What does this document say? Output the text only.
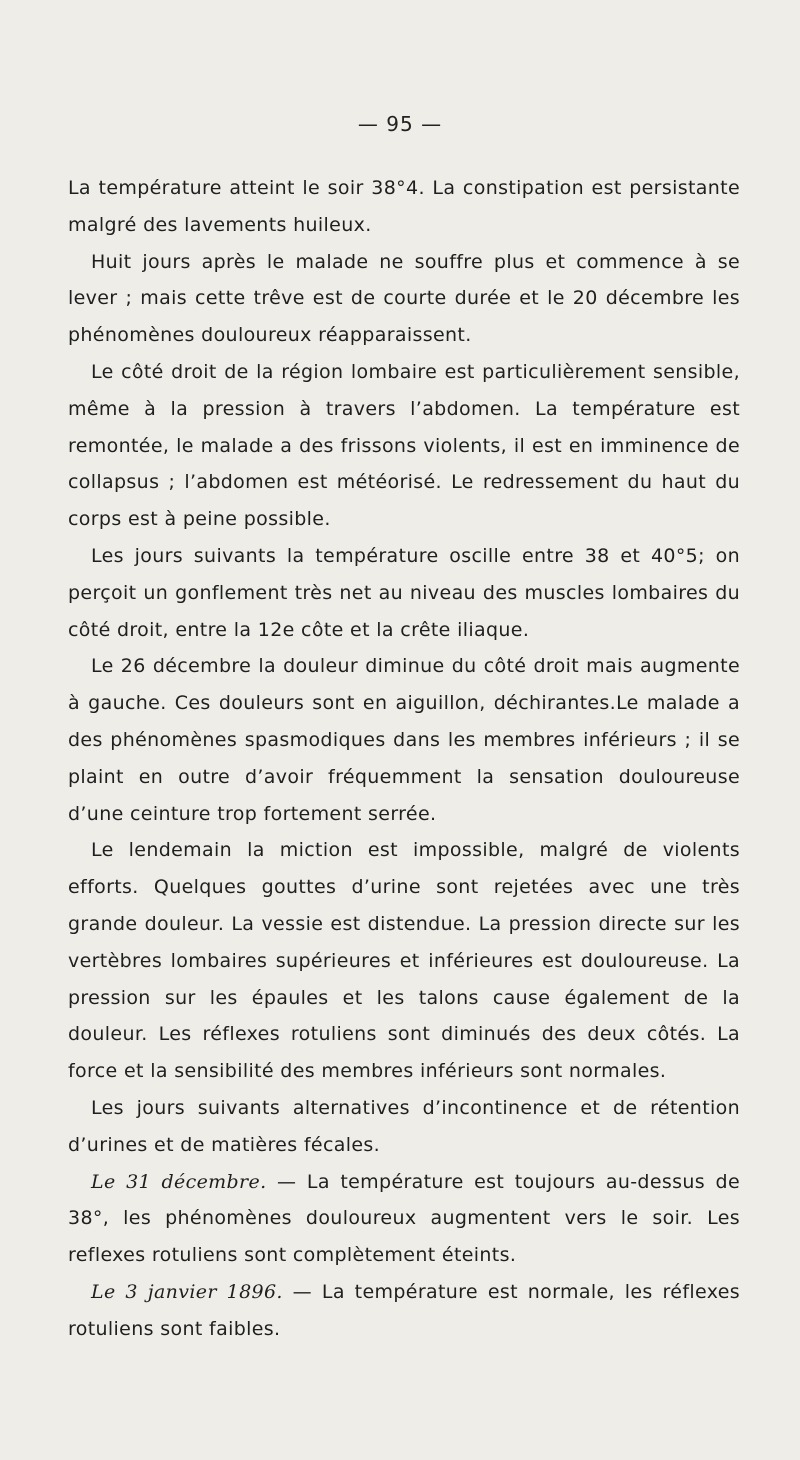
— 95 —

La température atteint le soir 38°4. La constipation est persistante malgré des lavements huileux.

Huit jours après le malade ne souffre plus et commence à se lever ; mais cette trêve est de courte durée et le 20 décembre les phénomènes douloureux réapparaissent.

Le côté droit de la région lombaire est particulièrement sensible, même à la pression à travers l’abdomen. La température est remontée, le malade a des frissons violents, il est en imminence de collapsus ; l’abdomen est météorisé. Le redressement du haut du corps est à peine possible.

Les jours suivants la température oscille entre 38 et 40°5; on perçoit un gonflement très net au niveau des muscles lombaires du côté droit, entre la 12e côte et la crête iliaque.

Le 26 décembre la douleur diminue du côté droit mais augmente à gauche. Ces douleurs sont en aiguillon, déchirantes.Le malade a des phénomènes spasmodiques dans les membres inférieurs ; il se plaint en outre d’avoir fréquemment la sensation douloureuse d’une ceinture trop fortement serrée.

Le lendemain la miction est impossible, malgré de violents efforts. Quelques gouttes d’urine sont rejetées avec une très grande douleur. La vessie est distendue. La pression directe sur les vertèbres lombaires supérieures et inférieures est douloureuse. La pression sur les épaules et les talons cause également de la douleur. Les réflexes rotuliens sont diminués des deux côtés. La force et la sensibilité des membres inférieurs sont normales.

Les jours suivants alternatives d’incontinence et de rétention d’urines et de matières fécales.

Le 31 décembre. — La température est toujours au-dessus de 38°, les phénomènes douloureux augmentent vers le soir. Les reflexes rotuliens sont complètement éteints.

Le 3 janvier 1896. — La température est normale, les réflexes rotuliens sont faibles.
